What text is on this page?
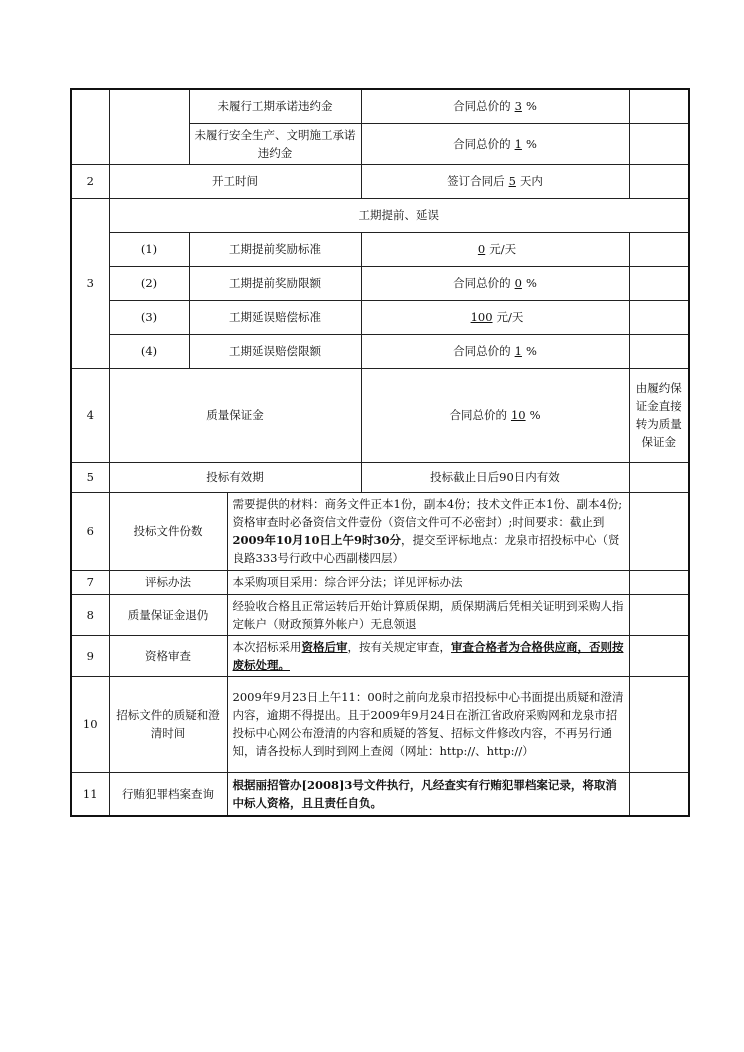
		未履行工期承诺违约金		合同总价的 3 %	
		未履行安全生产、文明施工承诺违约金		合同总价的 1 %	
2	开工时间			签订合同后 5 天内	
3	工期提前、延误				
	(1)	工期提前奖励标准		0 元/天	
	(2)	工期提前奖励限额		合同总价的 0 %	
	(3)	工期延误赔偿标准		100 元/天	
	(4)	工期延误赔偿限额		合同总价的 1 %	
4	质量保证金			合同总价的 10 %	由履约保证金直接转为质量保证金
5	投标有效期			投标截止日后90日内有效	
6	投标文件份数		需要提供的材料：商务文件正本1份，副本4份；技术文件正本1份、副本4份;资格审查时必备资信文件壹份（资信文件可不必密封）;时间要求：截止到2009年10月10日上午9时30分，提交至评标地点：龙泉市招投标中心（贤良路333号行政中心西副楼四层）		
7	评标办法		本采购项目采用：综合评分法；详见评标办法		
8	质量保证金退仍		经验收合格且正常运转后开始计算质保期，质保期满后凭相关证明到采购人指定帐户（财政预算外帐户）无息领退		
9	资格审查		本次招标采用资格后审，按有关规定审查，审查合格者为合格供应商，否则按废标处理。		
10	招标文件的质疑和澄清时间		2009年9月23日上午11：00时之前向龙泉市招投标中心书面提出质疑和澄清内容，逾期不得提出。且于2009年9月24日在浙江省政府采购网和龙泉市招投标中心网公布澄清的内容和质疑的答复、招标文件修改内容，不再另行通知，请各投标人到时到网上查阅（网址：http://、http://）		
11	行贿犯罪档案查询		根据丽招管办[2008]3号文件执行，凡经查实有行贿犯罪档案记录，将取消中标人资格，且且责任自负。		
